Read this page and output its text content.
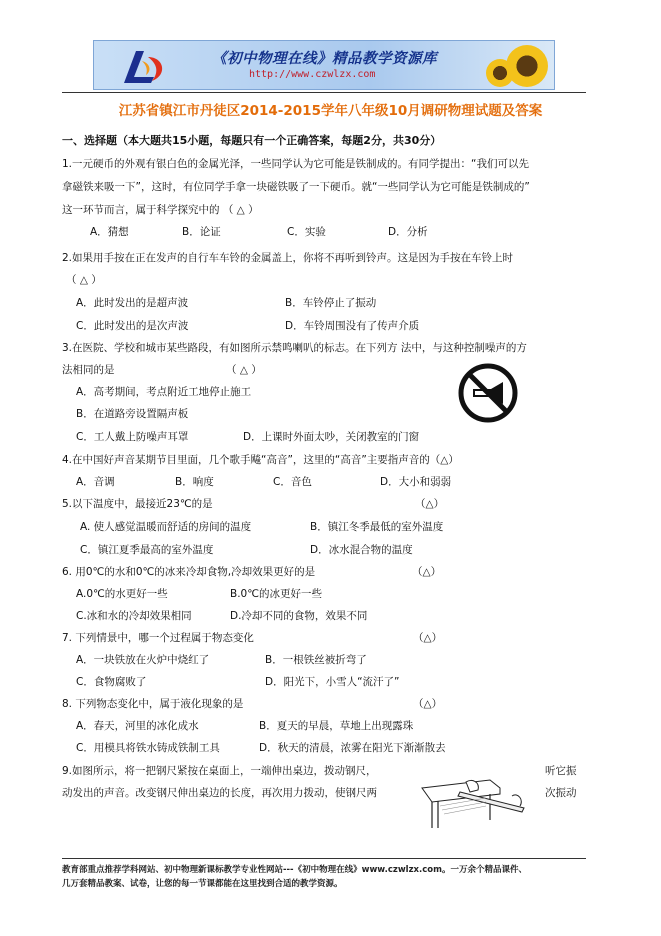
《初中物理在线》精品教学资源库
http://www.czwlzx.com
江苏省镇江市丹徒区2014-2015学年八年级10月调研物理试题及答案
一、选择题（本大题共15小题，每题只有一个正确答案，每题2分，共30分）
1.一元硬币的外观有银白色的金属光泽，一些同学认为它可能是铁制成的。有同学提出：“我们可以先
拿磁铁来吸一下”，这时，有位同学手拿一块磁铁吸了一下硬币。就“一些同学认为它可能是铁制成的”
这一环节而言，属于科学探究中的 （ △ ）
A．猜想	B．论证	C．实验	D．分析
2.如果用手按在正在发声的自行车车铃的金属盖上，你将不再听到铃声。这是因为手按在车铃上时
（ △ ）
A．此时发出的是超声波	B．车铃停止了振动
C．此时发出的是次声波	D．车铃周围没有了传声介质
3.在医院、学校和城市某些路段，有如图所示禁鸣喇叭的标志。在下列方 法中，与这种控制噪声的方
法相同的是	（ △ ）
A．高考期间，考点附近工地停止施工
B．在道路旁设置隔声板
C．工人戴上防噪声耳罩	D．上课时外面太吵，关闭教室的门窗
4.在中国好声音某期节目里面，几个歌手飚“高音”，这里的“高音”主要指声音的（△）
A．音调	B．响度	C．音色	D．大小和弱弱
5.以下温度中，最接近23℃的是	（△）
A. 使人感觉温暖而舒适的房间的温度	B．镇江冬季最低的室外温度
C．镇江夏季最高的室外温度	D．冰水混合物的温度
6. 用0℃的水和0℃的冰来冷却食物,冷却效果更好的是	（△）
A.0℃的水更好一些	B.0℃的冰更好一些
C.冰和水的冷却效果相同	D.冷却不同的食物，效果不同
7. 下列情景中，哪一个过程属于物态变化	（△）
A．一块铁放在火炉中烧红了	B．一根铁丝被折弯了
C．食物腐败了	D．阳光下，小雪人“流汗了”
8. 下列物态变化中，属于液化现象的是	（△）
A．春天，河里的冰化成水	B．夏天的早晨，草地上出现露珠
C．用模具将铁水铸成铁制工具	D．秋天的清晨，浓雾在阳光下渐渐散去
9.如图所示，将一把钢尺紧按在桌面上，一端伸出桌边，拨动钢尺，	听它振
动发出的声音。改变钢尺伸出桌边的长度，再次用力拨动，使钢尺两	次振动
教育部重点推荐学科网站、初中物理新课标教学专业性网站---《初中物理在线》www.czwlzx.com。一万余个精品课件、
几万套精品教案、试卷，让您的每一节课都能在这里找到合适的教学资源。
